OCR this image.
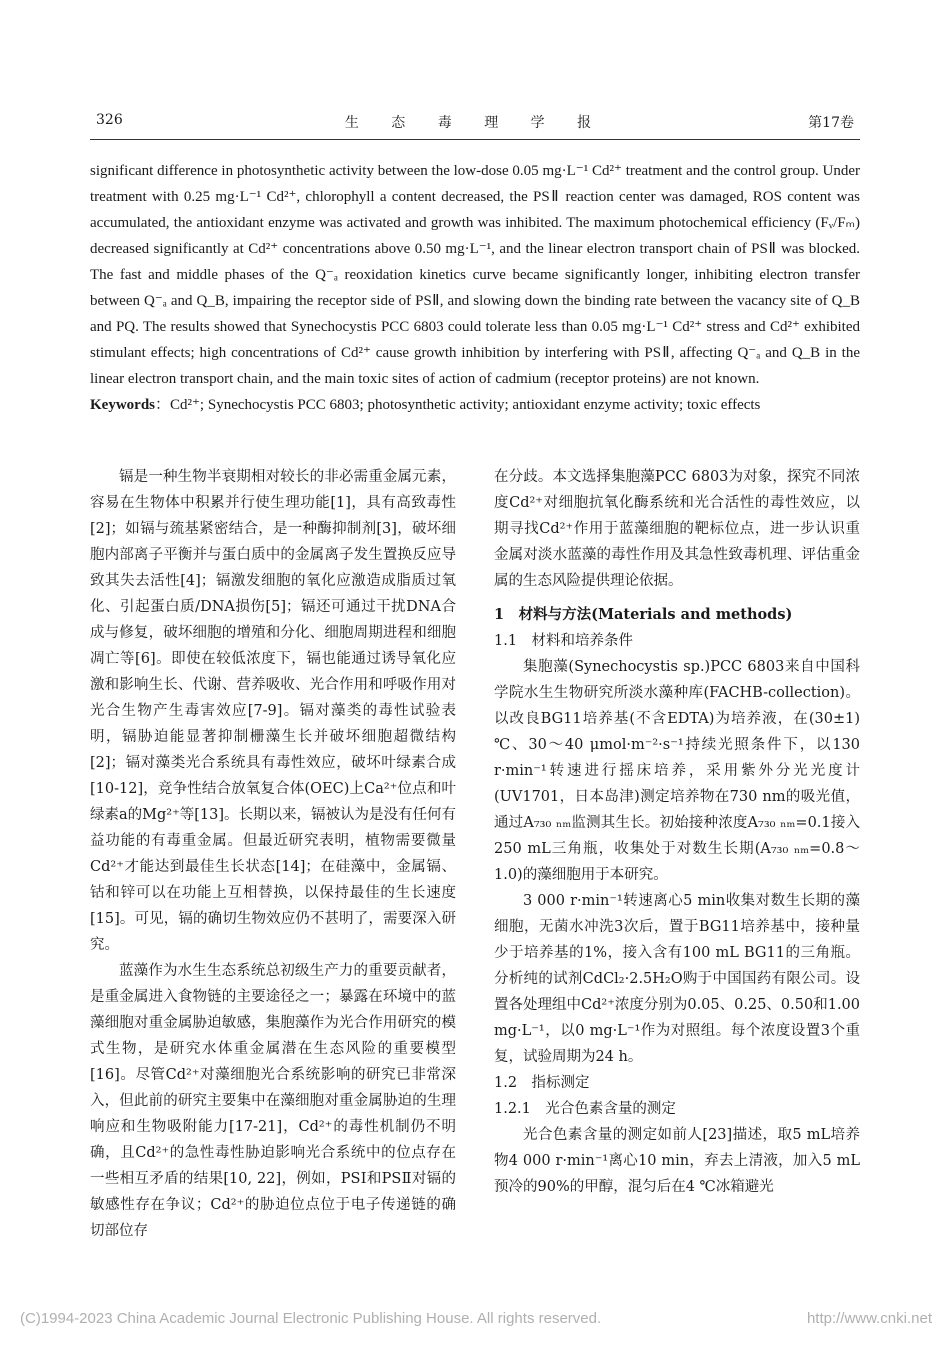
326	生 态 毒 理 学 报	第17卷

significant difference in photosynthetic activity between the low-dose 0.05 mg·L⁻¹ Cd²⁺ treatment and the control group. Under treatment with 0.25 mg·L⁻¹ Cd²⁺, chlorophyll a content decreased, the PSⅡ reaction center was damaged, ROS content was accumulated, the antioxidant enzyme was activated and growth was inhibited. The maximum photochemical efficiency (Fᵥ/Fₘ) decreased significantly at Cd²⁺ concentrations above 0.50 mg·L⁻¹, and the linear electron transport chain of PSⅡ was blocked. The fast and middle phases of the Q⁻ₐ reoxidation kinetics curve became significantly longer, inhibiting electron transfer between Q⁻ₐ and Q_B, impairing the receptor side of PSⅡ, and slowing down the binding rate between the vacancy site of Q_B and PQ. The results showed that Synechocystis PCC 6803 could tolerate less than 0.05 mg·L⁻¹ Cd²⁺ stress and Cd²⁺ exhibited stimulant effects; high concentrations of Cd²⁺ cause growth inhibition by interfering with PSⅡ, affecting Q⁻ₐ and Q_B in the linear electron transport chain, and the main toxic sites of action of cadmium (receptor proteins) are not known.

Keywords：Cd²⁺; Synechocystis PCC 6803; photosynthetic activity; antioxidant enzyme activity; toxic effects

镉是一种生物半衰期相对较长的非必需重金属元素，容易在生物体中积累并行使生理功能[1]，具有高致毒性[2]；如镉与巯基紧密结合，是一种酶抑制剂[3]，破坏细胞内部离子平衡并与蛋白质中的金属离子发生置换反应导致其失去活性[4]；镉激发细胞的氧化应激造成脂质过氧化、引起蛋白质/DNA损伤[5]；镉还可通过干扰DNA合成与修复，破坏细胞的增殖和分化、细胞周期进程和细胞凋亡等[6]。即使在较低浓度下，镉也能通过诱导氧化应激和影响生长、代谢、营养吸收、光合作用和呼吸作用对光合生物产生毒害效应[7-9]。镉对藻类的毒性试验表明，镉胁迫能显著抑制栅藻生长并破坏细胞超微结构[2]；镉对藻类光合系统具有毒性效应，破坏叶绿素合成[10-12]，竞争性结合放氧复合体(OEC)上Ca²⁺位点和叶绿素a的Mg²⁺等[13]。长期以来，镉被认为是没有任何有益功能的有毒重金属。但最近研究表明，植物需要微量Cd²⁺才能达到最佳生长状态[14]；在硅藻中，金属镉、钴和锌可以在功能上互相替换，以保持最佳的生长速度[15]。可见，镉的确切生物效应仍不甚明了，需要深入研究。

蓝藻作为水生生态系统总初级生产力的重要贡献者，是重金属进入食物链的主要途径之一；暴露在环境中的蓝藻细胞对重金属胁迫敏感，集胞藻作为光合作用研究的模式生物，是研究水体重金属潜在生态风险的重要模型[16]。尽管Cd²⁺对藻细胞光合系统影响的研究已非常深入，但此前的研究主要集中在藻细胞对重金属胁迫的生理响应和生物吸附能力[17-21]，Cd²⁺的毒性机制仍不明确，且Cd²⁺的急性毒性胁迫影响光合系统中的位点存在一些相互矛盾的结果[10, 22]，例如，PSⅠ和PSⅡ对镉的敏感性存在争议；Cd²⁺的胁迫位点位于电子传递链的确切部位存

在分歧。本文选择集胞藻PCC 6803为对象，探究不同浓度Cd²⁺对细胞抗氧化酶系统和光合活性的毒性效应，以期寻找Cd²⁺作用于蓝藻细胞的靶标位点，进一步认识重金属对淡水蓝藻的毒性作用及其急性致毒机理、评估重金属的生态风险提供理论依据。

1　材料与方法(Materials and methods)

1.1　材料和培养条件

集胞藻(Synechocystis sp.)PCC 6803来自中国科学院水生生物研究所淡水藻种库(FACHB-collection)。以改良BG11培养基(不含EDTA)为培养液，在(30±1) ℃、30～40 μmol·m⁻²·s⁻¹持续光照条件下，以130 r·min⁻¹转速进行摇床培养，采用紫外分光光度计(UV1701，日本岛津)测定培养物在730 nm的吸光值，通过A₇₃₀ ₙₘ监测其生长。初始接种浓度A₇₃₀ ₙₘ=0.1接入250 mL三角瓶，收集处于对数生长期(A₇₃₀ ₙₘ=0.8～1.0)的藻细胞用于本研究。

3 000 r·min⁻¹转速离心5 min收集对数生长期的藻细胞，无菌水冲洗3次后，置于BG11培养基中，接种量少于培养基的1%，接入含有100 mL BG11的三角瓶。分析纯的试剂CdCl₂·2.5H₂O购于中国国药有限公司。设置各处理组中Cd²⁺浓度分别为0.05、0.25、0.50和1.00 mg·L⁻¹，以0 mg·L⁻¹作为对照组。每个浓度设置3个重复，试验周期为24 h。

1.2　指标测定

1.2.1　光合色素含量的测定

光合色素含量的测定如前人[23]描述，取5 mL培养物4 000 r·min⁻¹离心10 min，弃去上清液，加入5 mL预冷的90%的甲醇，混匀后在4 ℃冰箱避光

(C)1994-2023 China Academic Journal Electronic Publishing House. All rights reserved.	http://www.cnki.net
